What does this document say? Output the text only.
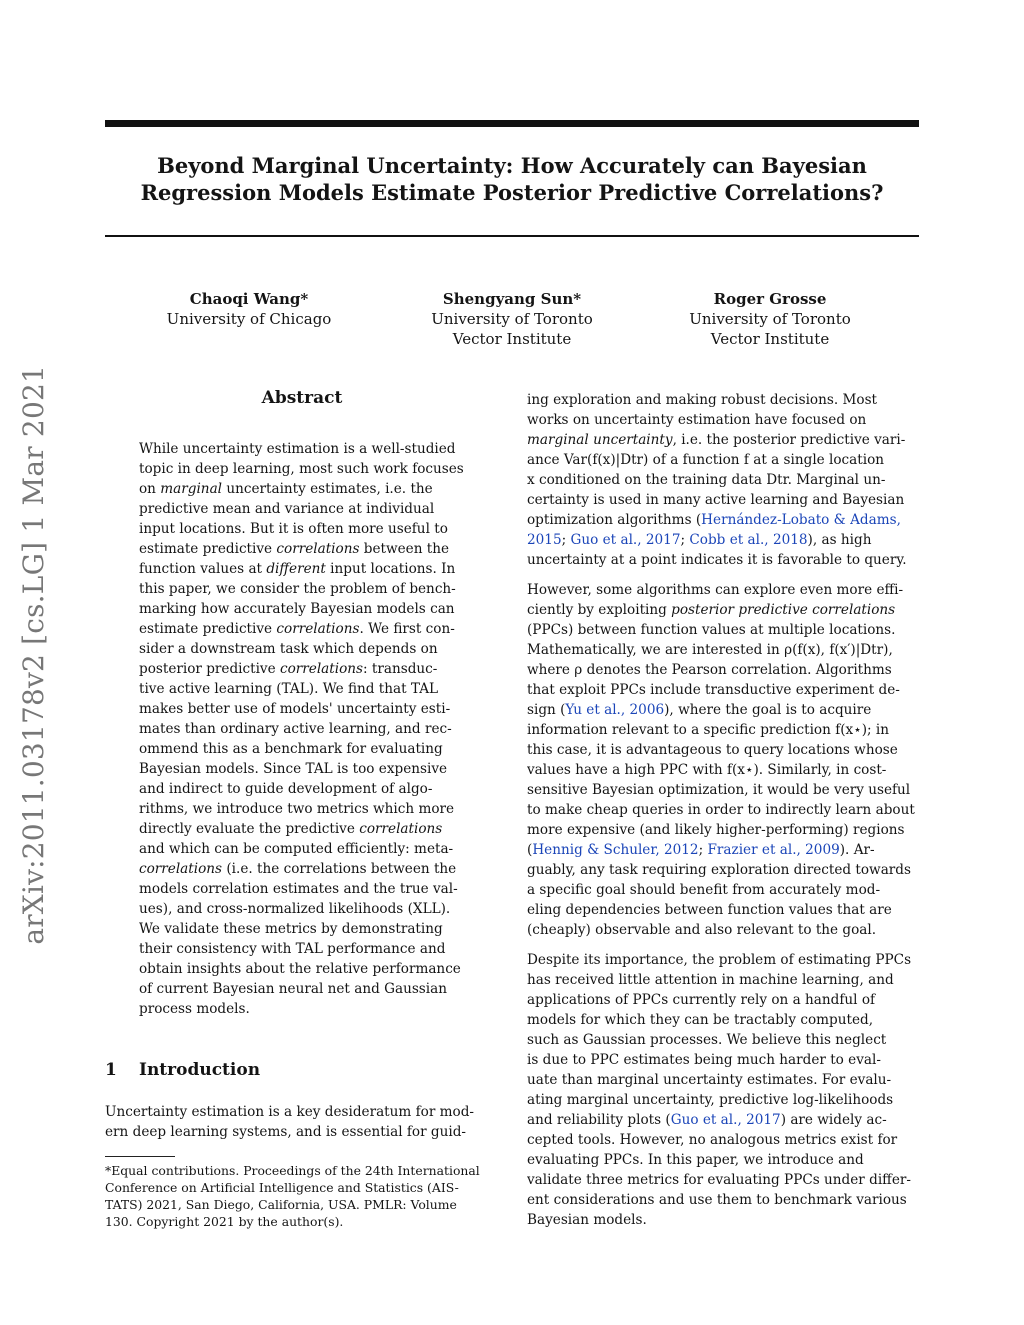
Beyond Marginal Uncertainty: How Accurately can Bayesian
Regression Models Estimate Posterior Predictive Correlations?
Chaoqi Wang*
University of Chicago
Shengyang Sun*
University of Toronto
Vector Institute
Roger Grosse
University of Toronto
Vector Institute
arXiv:2011.03178v2 [cs.LG] 1 Mar 2021	Abstract
While uncertainty estimation is a well-studied
topic in deep learning, most such work focuses
on marginal uncertainty estimates, i.e. the
predictive mean and variance at individual
input locations. But it is often more useful to
estimate predictive correlations between the
function values at different input locations. In
this paper, we consider the problem of bench-
marking how accurately Bayesian models can
estimate predictive correlations. We first con-
sider a downstream task which depends on
posterior predictive correlations: transduc-
tive active learning (TAL). We find that TAL
makes better use of models' uncertainty esti-
mates than ordinary active learning, and rec-
ommend this as a benchmark for evaluating
Bayesian models. Since TAL is too expensive
and indirect to guide development of algo-
rithms, we introduce two metrics which more
directly evaluate the predictive correlations
and which can be computed efficiently: meta-
correlations (i.e. the correlations between the
models correlation estimates and the true val-
ues), and cross-normalized likelihoods (XLL).
We validate these metrics by demonstrating
their consistency with TAL performance and
obtain insights about the relative performance
of current Bayesian neural net and Gaussian
process models.
1 Introduction
Uncertainty estimation is a key desideratum for mod-
ern deep learning systems, and is essential for guid-
*Equal contributions. Proceedings of the 24th International
Conference on Artificial Intelligence and Statistics (AIS-
TATS) 2021, San Diego, California, USA. PMLR: Volume
130. Copyright 2021 by the author(s).
ing exploration and making robust decisions. Most
works on uncertainty estimation have focused on
marginal uncertainty, i.e. the posterior predictive vari-
ance Var(f(x)|Dtr) of a function f at a single location
x conditioned on the training data Dtr. Marginal un-
certainty is used in many active learning and Bayesian
optimization algorithms (Hernández-Lobato & Adams,
2015; Guo et al., 2017; Cobb et al., 2018), as high
uncertainty at a point indicates it is favorable to query.
However, some algorithms can explore even more effi-
ciently by exploiting posterior predictive correlations
(PPCs) between function values at multiple locations.
Mathematically, we are interested in ρ(f(x), f(x′)|Dtr),
where ρ denotes the Pearson correlation. Algorithms
that exploit PPCs include transductive experiment de-
sign (Yu et al., 2006), where the goal is to acquire
information relevant to a specific prediction f(x⋆); in
this case, it is advantageous to query locations whose
values have a high PPC with f(x⋆). Similarly, in cost-
sensitive Bayesian optimization, it would be very useful
to make cheap queries in order to indirectly learn about
more expensive (and likely higher-performing) regions
(Hennig & Schuler, 2012; Frazier et al., 2009). Ar-
guably, any task requiring exploration directed towards
a specific goal should benefit from accurately mod-
eling dependencies between function values that are
(cheaply) observable and also relevant to the goal.
Despite its importance, the problem of estimating PPCs
has received little attention in machine learning, and
applications of PPCs currently rely on a handful of
models for which they can be tractably computed,
such as Gaussian processes. We believe this neglect
is due to PPC estimates being much harder to eval-
uate than marginal uncertainty estimates. For evalu-
ating marginal uncertainty, predictive log-likelihoods
and reliability plots (Guo et al., 2017) are widely ac-
cepted tools. However, no analogous metrics exist for
evaluating PPCs. In this paper, we introduce and
validate three metrics for evaluating PPCs under differ-
ent considerations and use them to benchmark various
Bayesian models.
